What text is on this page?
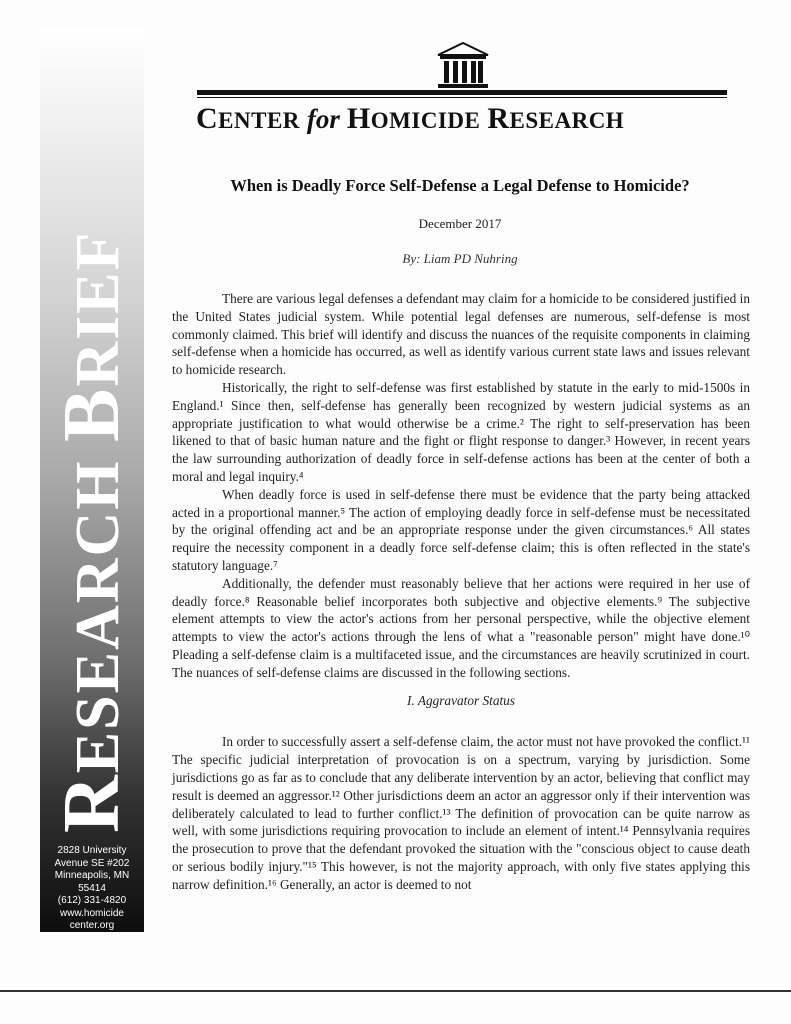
RESEARCH BRIEF
2828 University
Avenue SE #202
Minneapolis, MN
55414
(612) 331-4820
www.homicide
center.org
CENTER for HOMICIDE RESEARCH
When is Deadly Force Self-Defense a Legal Defense to Homicide?
December 2017
By: Liam PD Nuhring

There are various legal defenses a defendant may claim for a homicide to be considered justified in the United States judicial system. While potential legal defenses are numerous, self-defense is most commonly claimed. This brief will identify and discuss the nuances of the requisite components in claiming self-defense when a homicide has occurred, as well as identify various current state laws and issues relevant to homicide research.

Historically, the right to self-defense was first established by statute in the early to mid-1500s in England.¹ Since then, self-defense has generally been recognized by western judicial systems as an appropriate justification to what would otherwise be a crime.² The right to self-preservation has been likened to that of basic human nature and the fight or flight response to danger.³ However, in recent years the law surrounding authorization of deadly force in self-defense actions has been at the center of both a moral and legal inquiry.⁴

When deadly force is used in self-defense there must be evidence that the party being attacked acted in a proportional manner.⁵ The action of employing deadly force in self-defense must be necessitated by the original offending act and be an appropriate response under the given circumstances.⁶ All states require the necessity component in a deadly force self-defense claim; this is often reflected in the state's statutory language.⁷

Additionally, the defender must reasonably believe that her actions were required in her use of deadly force.⁸ Reasonable belief incorporates both subjective and objective elements.⁹ The subjective element attempts to view the actor's actions from her personal perspective, while the objective element attempts to view the actor's actions through the lens of what a "reasonable person" might have done.¹⁰ Pleading a self-defense claim is a multifaceted issue, and the circumstances are heavily scrutinized in court. The nuances of self-defense claims are discussed in the following sections.

I. Aggravator Status

In order to successfully assert a self-defense claim, the actor must not have provoked the conflict.¹¹ The specific judicial interpretation of provocation is on a spectrum, varying by jurisdiction. Some jurisdictions go as far as to conclude that any deliberate intervention by an actor, believing that conflict may result is deemed an aggressor.¹² Other jurisdictions deem an actor an aggressor only if their intervention was deliberately calculated to lead to further conflict.¹³ The definition of provocation can be quite narrow as well, with some jurisdictions requiring provocation to include an element of intent.¹⁴ Pennsylvania requires the prosecution to prove that the defendant provoked the situation with the "conscious object to cause death or serious bodily injury."¹⁵ This however, is not the majority approach, with only five states applying this narrow definition.¹⁶ Generally, an actor is deemed to not
